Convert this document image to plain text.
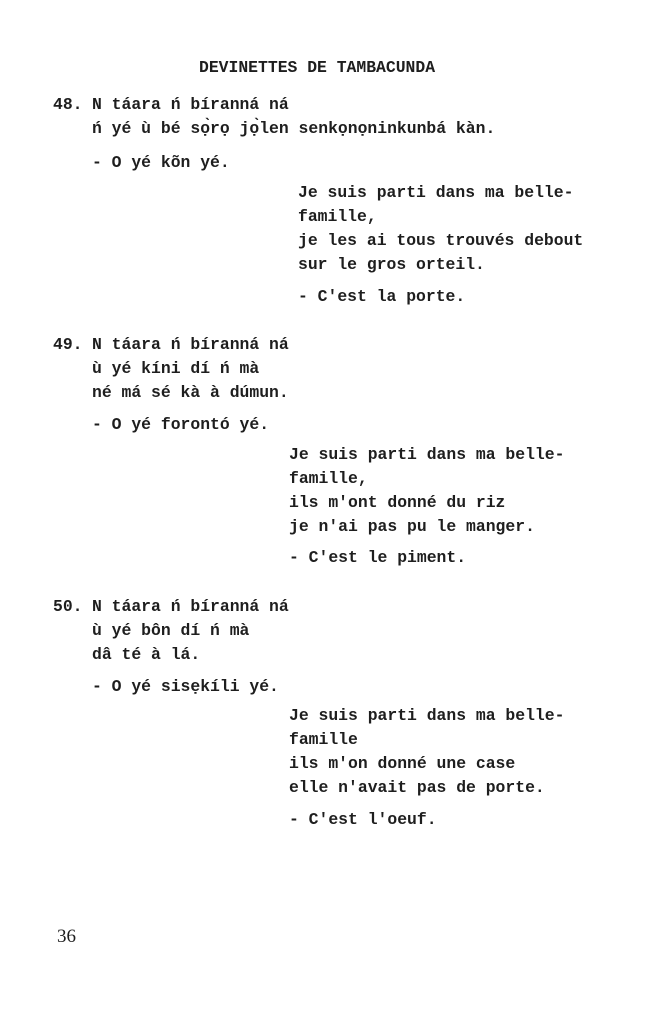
DEVINETTES DE TAMBACUNDA
48. N táara ń bíranná ná
ń yé ù bé sọ̀rọ jọ̀len senkọnọninkunbá kàn.
- O yé kõn yé.
Je suis parti dans ma belle-
famille,
je les ai tous trouvés debout
sur le gros orteil.
- C'est la porte.
49. N táara ń bíranná ná
ù yé kíni dí ń mà
né má sé kà à dúmun.
- O yé forontó yé.
Je suis parti dans ma belle-
famille,
ils m'ont donné du riz
je n'ai pas pu le manger.
- C'est le piment.
50. N táara ń bíranná ná
ù yé bôn dí ń mà
dâ té à lá.
- O yé sisẹkíli yé.
Je suis parti dans ma belle-
famille
ils m'on donné une case
elle n'avait pas de porte.
- C'est l'oeuf.
36
